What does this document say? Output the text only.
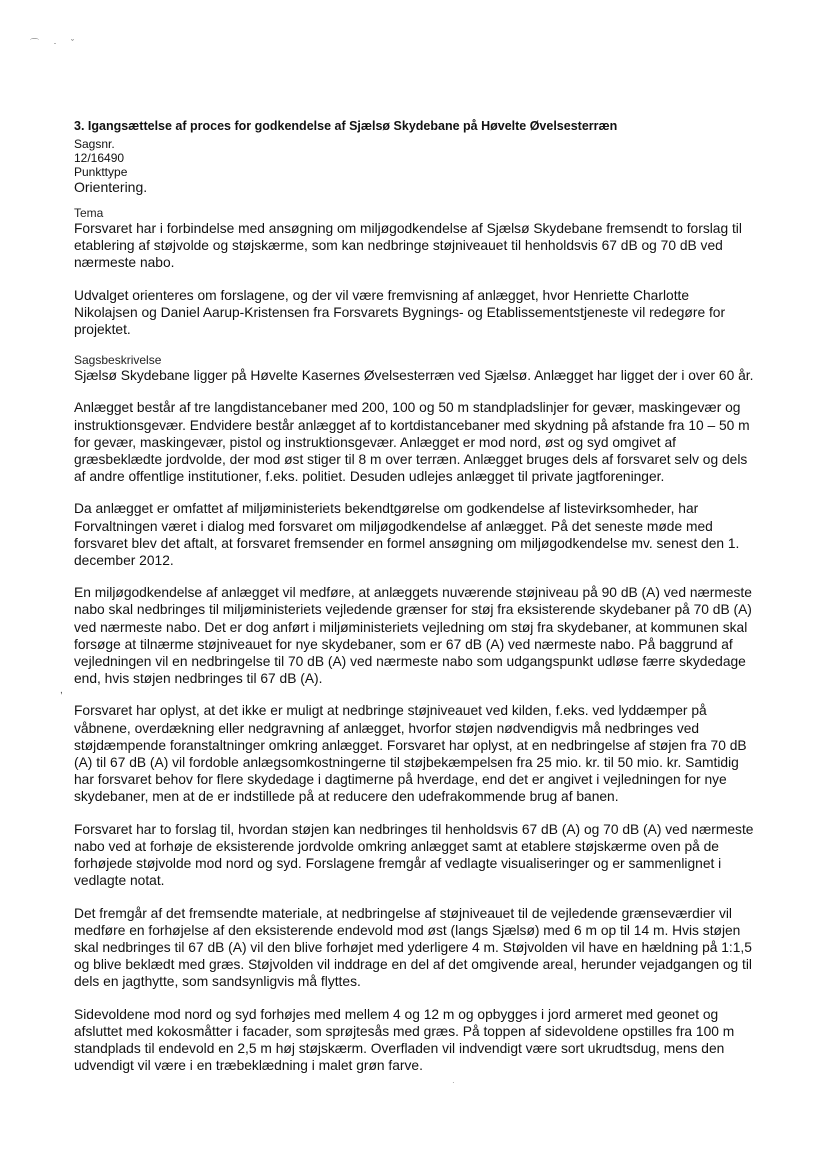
⌒ · ˇ
,
·

3. Igangsættelse af proces for godkendelse af Sjælsø Skydebane på Høvelte Øvelsesterræn

Sagsnr.

12/16490

Punkttype

Orientering.

Tema

Forsvaret har i forbindelse med ansøgning om miljøgodkendelse af Sjælsø Skydebane fremsendt to forslag til etablering af støjvolde og støjskærme, som kan nedbringe støjniveauet til henholdsvis 67 dB og 70 dB ved nærmeste nabo.

Udvalget orienteres om forslagene, og der vil være fremvisning af anlægget, hvor Henriette Charlotte Nikolajsen og Daniel Aarup-Kristensen fra Forsvarets Bygnings- og Etablissementstjeneste vil redegøre for projektet.

Sagsbeskrivelse

Sjælsø Skydebane ligger på Høvelte Kasernes Øvelsesterræn ved Sjælsø. Anlægget har ligget der i over 60 år.

Anlægget består af tre langdistancebaner med 200, 100 og 50 m standpladslinjer for gevær, maskingevær og instruktionsgevær. Endvidere består anlægget af to kortdistancebaner med skydning på afstande fra 10 – 50 m for gevær, maskingevær, pistol og instruktionsgevær. Anlægget er mod nord, øst og syd omgivet af græsbeklædte jordvolde, der mod øst stiger til 8 m over terræn. Anlægget bruges dels af forsvaret selv og dels af andre offentlige institutioner, f.eks. politiet. Desuden udlejes anlægget til private jagtforeninger.

Da anlægget er omfattet af miljøministeriets bekendtgørelse om godkendelse af listevirksomheder, har Forvaltningen været i dialog med forsvaret om miljøgodkendelse af anlægget. På det seneste møde med forsvaret blev det aftalt, at forsvaret fremsender en formel ansøgning om miljøgodkendelse mv. senest den 1. december 2012.

En miljøgodkendelse af anlægget vil medføre, at anlæggets nuværende støjniveau på 90 dB (A) ved nærmeste nabo skal nedbringes til miljøministeriets vejledende grænser for støj fra eksisterende skydebaner på 70 dB (A) ved nærmeste nabo. Det er dog anført i miljøministeriets vejledning om støj fra skydebaner, at kommunen skal forsøge at tilnærme støjniveauet for nye skydebaner, som er 67 dB (A) ved nærmeste nabo. På baggrund af vejledningen vil en nedbringelse til 70 dB (A) ved nærmeste nabo som udgangspunkt udløse færre skydedage end, hvis støjen nedbringes til 67 dB (A).

Forsvaret har oplyst, at det ikke er muligt at nedbringe støjniveauet ved kilden, f.eks. ved lyddæmper på våbnene, overdækning eller nedgravning af anlægget, hvorfor støjen nødvendigvis må nedbringes ved støjdæmpende foranstaltninger omkring anlægget. Forsvaret har oplyst, at en nedbringelse af støjen fra 70 dB (A) til 67 dB (A) vil fordoble anlægsomkostningerne til støjbekæmpelsen fra 25 mio. kr. til 50 mio. kr. Samtidig har forsvaret behov for flere skydedage i dagtimerne på hverdage, end det er angivet i vejledningen for nye skydebaner, men at de er indstillede på at reducere den udefrakommende brug af banen.

Forsvaret har to forslag til, hvordan støjen kan nedbringes til henholdsvis 67 dB (A) og 70 dB (A) ved nærmeste nabo ved at forhøje de eksisterende jordvolde omkring anlægget samt at etablere støjskærme oven på de forhøjede støjvolde mod nord og syd. Forslagene fremgår af vedlagte visualiseringer og er sammenlignet i vedlagte notat.

Det fremgår af det fremsendte materiale, at nedbringelse af støjniveauet til de vejledende grænseværdier vil medføre en forhøjelse af den eksisterende endevold mod øst (langs Sjælsø) med 6 m op til 14 m. Hvis støjen skal nedbringes til 67 dB (A) vil den blive forhøjet med yderligere 4 m. Støjvolden vil have en hældning på 1:1,5 og blive beklædt med græs. Støjvolden vil inddrage en del af det omgivende areal, herunder vejadgangen og til dels en jagthytte, som sandsynligvis må flyttes.

Sidevoldene mod nord og syd forhøjes med mellem 4 og 12 m og opbygges i jord armeret med geonet og afsluttet med kokosmåtter i facader, som sprøjtesås med græs. På toppen af sidevoldene opstilles fra 100 m standplads til endevold en 2,5 m høj støjskærm. Overfladen vil indvendigt være sort ukrudtsdug, mens den udvendigt vil være i en træbeklædning i malet grøn farve.
